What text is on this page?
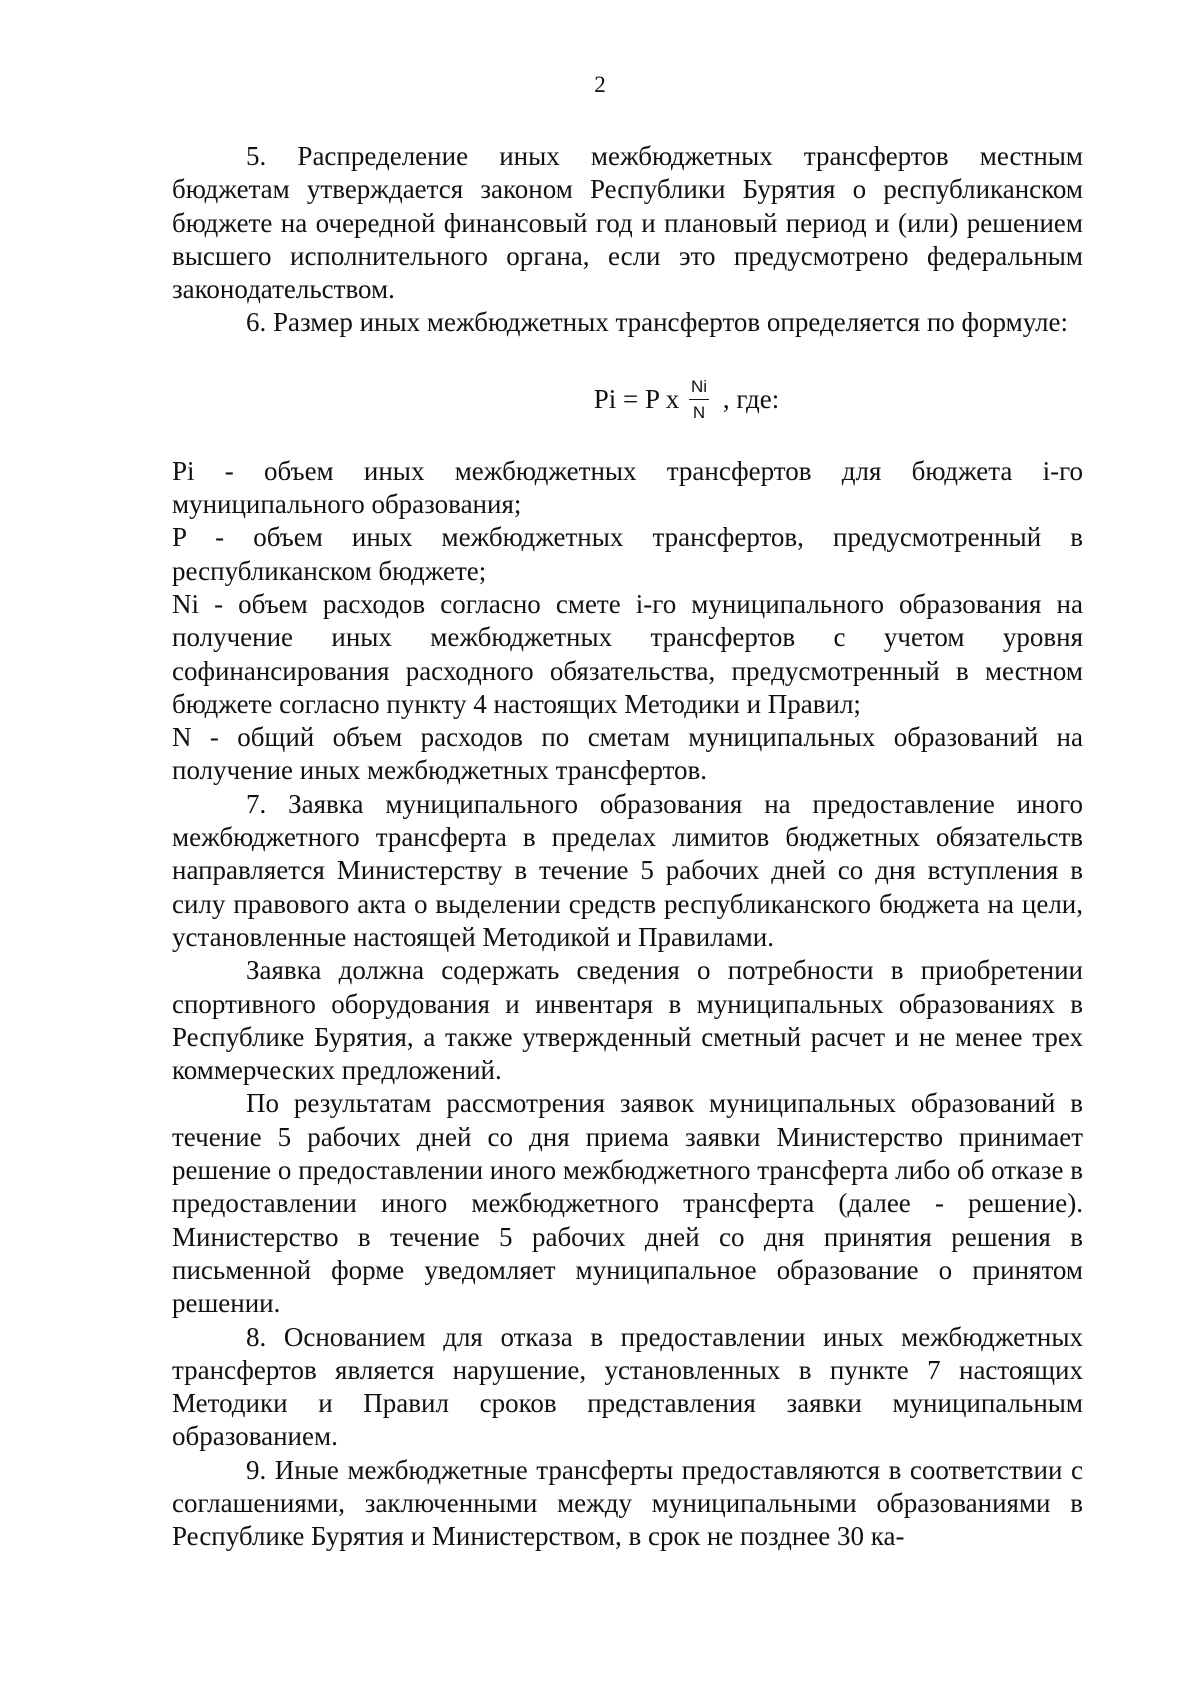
2

5. Распределение иных межбюджетных трансфертов местным бюджетам утверждается законом Республики Бурятия о республиканском бюджете на очередной финансовый год и плановый период и (или) решением высшего исполнительного органа, если это предусмотрено федеральным законодательством.

6. Размер иных межбюджетных трансфертов определяется по формуле:

Pi = P x $\frac{Ni}{N}$ , где:

Pi - объем иных межбюджетных трансфертов для бюджета i-го муниципального образования;

P - объем иных межбюджетных трансфертов, предусмотренный в республиканском бюджете;

Ni - объем расходов согласно смете i-го муниципального образования на получение иных межбюджетных трансфертов с учетом уровня софинансирования расходного обязательства, предусмотренный в местном бюджете согласно пункту 4 настоящих Методики и Правил;

N - общий объем расходов по сметам муниципальных образований на получение иных межбюджетных трансфертов.

7. Заявка муниципального образования на предоставление иного межбюджетного трансферта в пределах лимитов бюджетных обязательств направляется Министерству в течение 5 рабочих дней со дня вступления в силу правового акта о выделении средств республиканского бюджета на цели, установленные настоящей Методикой и Правилами.

Заявка должна содержать сведения о потребности в приобретении спортивного оборудования и инвентаря в муниципальных образованиях в Республике Бурятия, а также утвержденный сметный расчет и не менее трех коммерческих предложений.

По результатам рассмотрения заявок муниципальных образований в течение 5 рабочих дней со дня приема заявки Министерство принимает решение о предоставлении иного межбюджетного трансферта либо об отказе в предоставлении иного межбюджетного трансферта (далее - решение). Министерство в течение 5 рабочих дней со дня принятия решения в письменной форме уведомляет муниципальное образование о принятом решении.

8. Основанием для отказа в предоставлении иных межбюджетных трансфертов является нарушение, установленных в пункте 7 настоящих Методики и Правил сроков представления заявки муниципальным образованием.

9. Иные межбюджетные трансферты предоставляются в соответствии с соглашениями, заключенными между муниципальными образованиями в Республике Бурятия и Министерством, в срок не позднее 30 ка-
